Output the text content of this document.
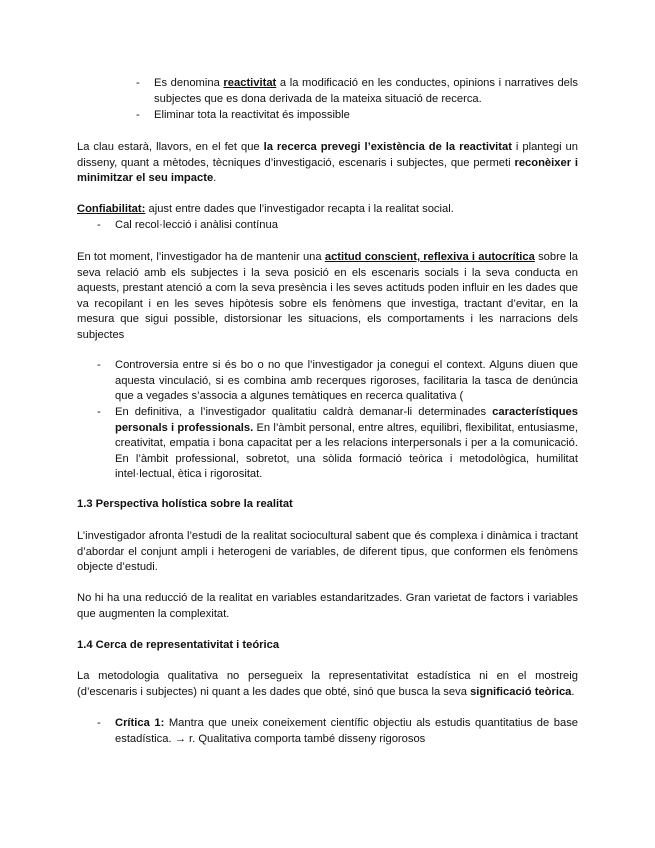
- Es denomina reactivitat a la modificació en les conductes, opinions i narratives dels subjectes que es dona derivada de la mateixa situació de recerca.
- Eliminar tota la reactivitat és impossible
La clau estarà, llavors, en el fet que la recerca prevegi l’existència de la reactivitat i plantegi un disseny, quant a mètodes, tècniques d’investigació, escenaris i subjectes, que permeti reconèixer i minimitzar el seu impacte.
Confiabilitat: ajust entre dades que l’investigador recapta i la realitat social.
- Cal recol·lecció i anàlisi contínua
En tot moment, l’investigador ha de mantenir una actitud conscient, reflexiva i autocrítica sobre la seva relació amb els subjectes i la seva posició en els escenaris socials i la seva conducta en aquests, prestant atenció a com la seva presència i les seves actituds poden influir en les dades que va recopilant i en les seves hipòtesis sobre els fenòmens que investiga, tractant d’evitar, en la mesura que sigui possible, distorsionar les situacions, els comportaments i les narracions dels subjectes
- Controversia entre si és bo o no que l’investigador ja conegui el context. Alguns diuen que aquesta vinculació, si es combina amb recerques rigoroses, facilitaria la tasca de denúncia que a vegades s’associa a algunes temàtiques en recerca qualitativa (
- En definitiva, a l’investigador qualitatiu caldrà demanar-li determinades característiques personals i professionals. En l’àmbit personal, entre altres, equilibri, flexibilitat, entusiasme, creativitat, empatia i bona capacitat per a les relacions interpersonals i per a la comunicació. En l’àmbit professional, sobretot, una sòlida formació teòrica i metodològica, humilitat intel·lectual, ètica i rigorositat.
1.3 Perspectiva holística sobre la realitat
L’investigador afronta l’estudi de la realitat sociocultural sabent que és complexa i dinàmica i tractant d’abordar el conjunt ampli i heterogeni de variables, de diferent tipus, que conformen els fenòmens objecte d’estudi.
No hi ha una reducció de la realitat en variables estandaritzades. Gran varietat de factors i variables que augmenten la complexitat.
1.4 Cerca de representativitat i teórica
La metodologia qualitativa no persegueix la representativitat estadística ni en el mostreig (d’escenaris i subjectes) ni quant a les dades que obté, sinó que busca la seva significació teòrica.
- Crítica 1: Mantra que uneix coneixement científic objectiu als estudis quantitatius de base estadística. → r. Qualitativa comporta també disseny rigorosos
